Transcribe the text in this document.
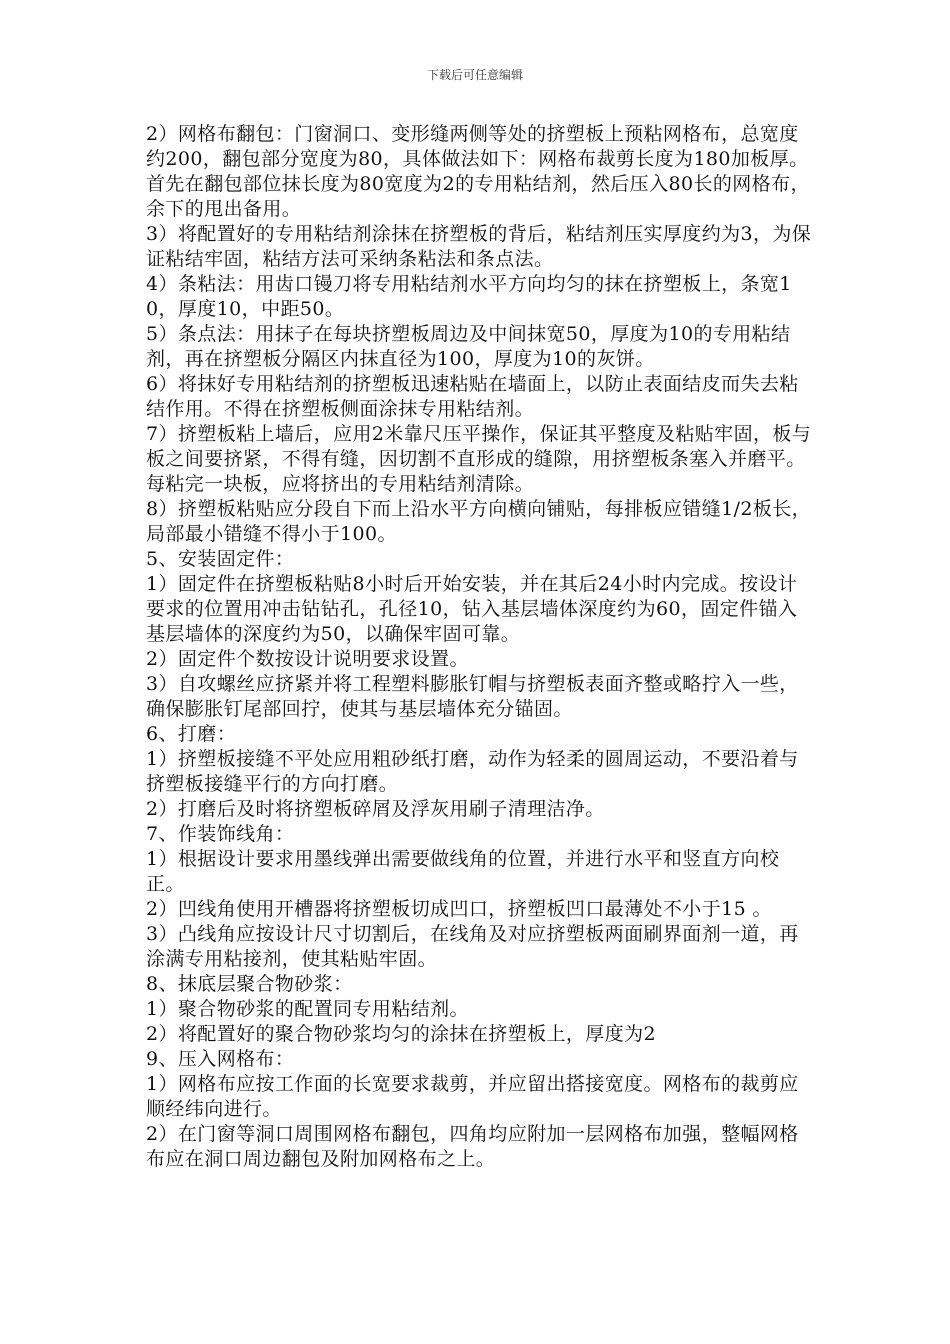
下载后可任意编辑

2）网格布翻包：门窗洞口、变形缝两侧等处的挤塑板上预粘网格布，总宽度约200，翻包部分宽度为80，具体做法如下：网格布裁剪长度为180加板厚。首先在翻包部位抹长度为80宽度为2的专用粘结剂，然后压入80长的网格布，余下的甩出备用。

3）将配置好的专用粘结剂涂抹在挤塑板的背后，粘结剂压实厚度约为3，为保证粘结牢固，粘结方法可采纳条粘法和条点法。

4）条粘法：用齿口镘刀将专用粘结剂水平方向均匀的抹在挤塑板上，条宽10，厚度10，中距50。

5）条点法：用抹子在每块挤塑板周边及中间抹宽50，厚度为10的专用粘结剂，再在挤塑板分隔区内抹直径为100，厚度为10的灰饼。

6）将抹好专用粘结剂的挤塑板迅速粘贴在墙面上，以防止表面结皮而失去粘结作用。不得在挤塑板侧面涂抹专用粘结剂。

7）挤塑板粘上墙后，应用2米靠尺压平操作，保证其平整度及粘贴牢固，板与板之间要挤紧，不得有缝，因切割不直形成的缝隙，用挤塑板条塞入并磨平。每粘完一块板，应将挤出的专用粘结剂清除。

8）挤塑板粘贴应分段自下而上沿水平方向横向铺贴，每排板应错缝1/2板长，局部最小错缝不得小于100。

5、安装固定件：

1）固定件在挤塑板粘贴8小时后开始安装，并在其后24小时内完成。按设计要求的位置用冲击钻钻孔，孔径10，钻入基层墙体深度约为60，固定件锚入基层墙体的深度约为50，以确保牢固可靠。

2）固定件个数按设计说明要求设置。

3）自攻螺丝应挤紧并将工程塑料膨胀钉帽与挤塑板表面齐整或略拧入一些，确保膨胀钉尾部回拧，使其与基层墙体充分锚固。

6、打磨：

1）挤塑板接缝不平处应用粗砂纸打磨，动作为轻柔的圆周运动，不要沿着与挤塑板接缝平行的方向打磨。

2）打磨后及时将挤塑板碎屑及浮灰用刷子清理洁净。

7、作装饰线角：

1）根据设计要求用墨线弹出需要做线角的位置，并进行水平和竖直方向校正。

2）凹线角使用开槽器将挤塑板切成凹口，挤塑板凹口最薄处不小于15 。

3）凸线角应按设计尺寸切割后，在线角及对应挤塑板两面刷界面剂一道，再涂满专用粘接剂，使其粘贴牢固。

8、抹底层聚合物砂浆：

1）聚合物砂浆的配置同专用粘结剂。

2）将配置好的聚合物砂浆均匀的涂抹在挤塑板上，厚度为2

9、压入网格布：

1）网格布应按工作面的长宽要求裁剪，并应留出搭接宽度。网格布的裁剪应顺经纬向进行。

2）在门窗等洞口周围网格布翻包，四角均应附加一层网格布加强，整幅网格布应在洞口周边翻包及附加网格布之上。
